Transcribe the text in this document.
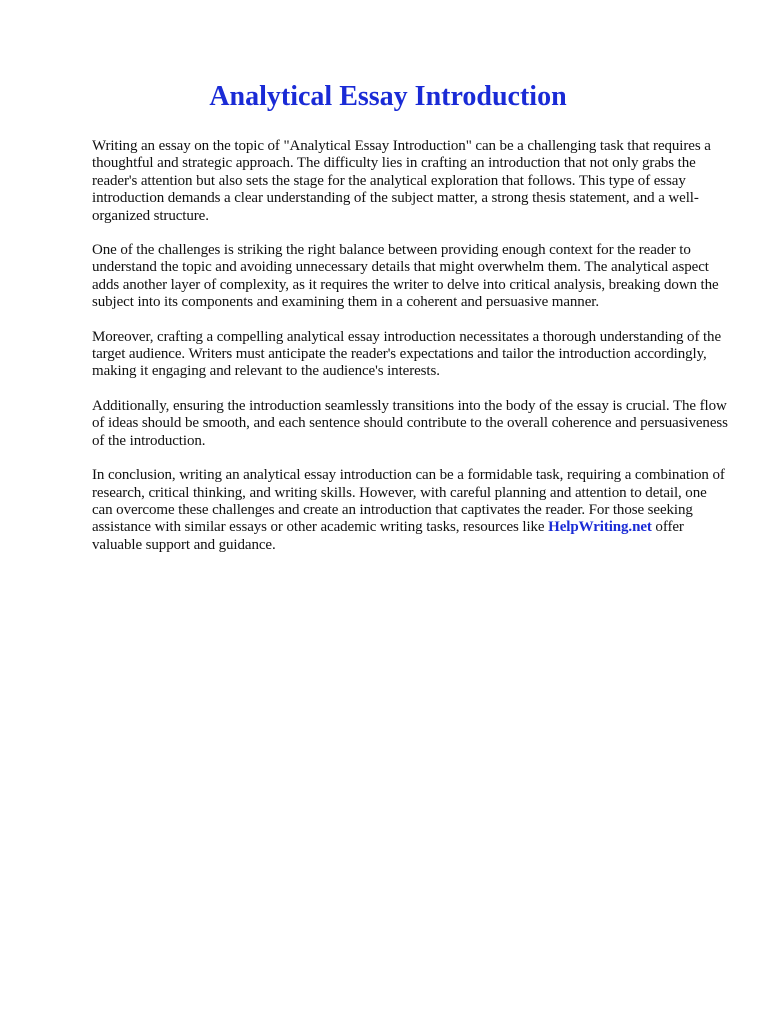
Analytical Essay Introduction

Writing an essay on the topic of "Analytical Essay Introduction" can be a challenging task that requires a thoughtful and strategic approach. The difficulty lies in crafting an introduction that not only grabs the reader's attention but also sets the stage for the analytical exploration that follows. This type of essay introduction demands a clear understanding of the subject matter, a strong thesis statement, and a well-organized structure.

One of the challenges is striking the right balance between providing enough context for the reader to understand the topic and avoiding unnecessary details that might overwhelm them. The analytical aspect adds another layer of complexity, as it requires the writer to delve into critical analysis, breaking down the subject into its components and examining them in a coherent and persuasive manner.

Moreover, crafting a compelling analytical essay introduction necessitates a thorough understanding of the target audience. Writers must anticipate the reader's expectations and tailor the introduction accordingly, making it engaging and relevant to the audience's interests.

Additionally, ensuring the introduction seamlessly transitions into the body of the essay is crucial. The flow of ideas should be smooth, and each sentence should contribute to the overall coherence and persuasiveness of the introduction.

In conclusion, writing an analytical essay introduction can be a formidable task, requiring a combination of research, critical thinking, and writing skills. However, with careful planning and attention to detail, one can overcome these challenges and create an introduction that captivates the reader. For those seeking assistance with similar essays or other academic writing tasks, resources like HelpWriting.net offer valuable support and guidance.
